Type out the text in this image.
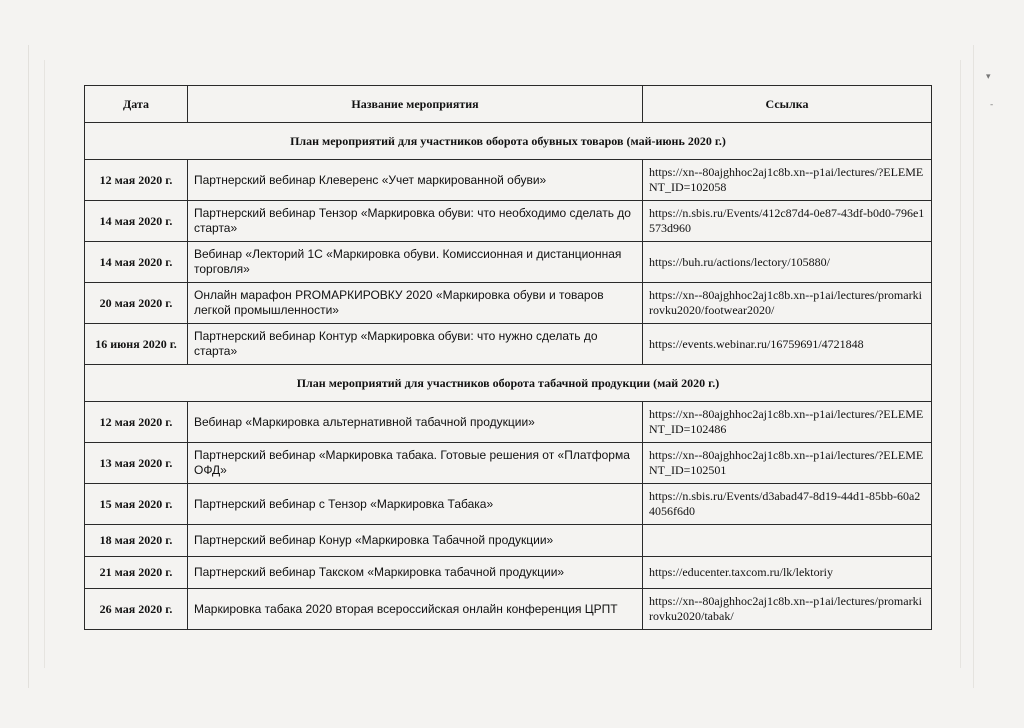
▾
-
Дата	Название мероприятия	Ссылка
План мероприятий для участников оборота обувных товаров (май-июнь 2020 г.)		
12 мая 2020 г.	Партнерский вебинар Клеверенс «Учет маркированной обуви»	https://xn--80ajghhoc2aj1c8b.xn--p1ai/lectures/?ELEMENT_ID=102058
14 мая 2020 г.	Партнерский вебинар Тензор «Маркировка обуви: что необходимо сделать до старта»	https://n.sbis.ru/Events/412c87d4-0e87-43df-b0d0-796e1573d960
14 мая 2020 г.	Вебинар «Лекторий 1С «Маркировка обуви. Комиссионная и дистанционная торговля»	https://buh.ru/actions/lectory/105880/
20 мая 2020 г.	Онлайн марафон PROМАРКИРОВКУ 2020 «Маркировка обуви и товаров легкой промышленности»	https://xn--80ajghhoc2aj1c8b.xn--p1ai/lectures/promarkirovku2020/footwear2020/
16 июня 2020 г.	Партнерский вебинар Контур «Маркировка обуви: что нужно сделать до старта»	https://events.webinar.ru/16759691/4721848
План мероприятий для участников оборота табачной продукции (май 2020 г.)		
12 мая 2020 г.	Вебинар «Маркировка альтернативной табачной продукции»	https://xn--80ajghhoc2aj1c8b.xn--p1ai/lectures/?ELEMENT_ID=102486
13 мая 2020 г.	Партнерский вебинар «Маркировка табака. Готовые решения от «Платформа ОФД»	https://xn--80ajghhoc2aj1c8b.xn--p1ai/lectures/?ELEMENT_ID=102501
15 мая 2020 г.	Партнерский вебинар с Тензор «Маркировка Табака»	https://n.sbis.ru/Events/d3abad47-8d19-44d1-85bb-60a24056f6d0
18 мая 2020 г.	Партнерский вебинар Конур «Маркировка Табачной продукции»	
21 мая 2020 г.	Партнерский вебинар Такском «Маркировка табачной продукции»	https://educenter.taxcom.ru/lk/lektoriy
26 мая 2020 г.	Маркировка табака 2020 вторая всероссийская онлайн конференция ЦРПТ	https://xn--80ajghhoc2aj1c8b.xn--p1ai/lectures/promarkirovku2020/tabak/
